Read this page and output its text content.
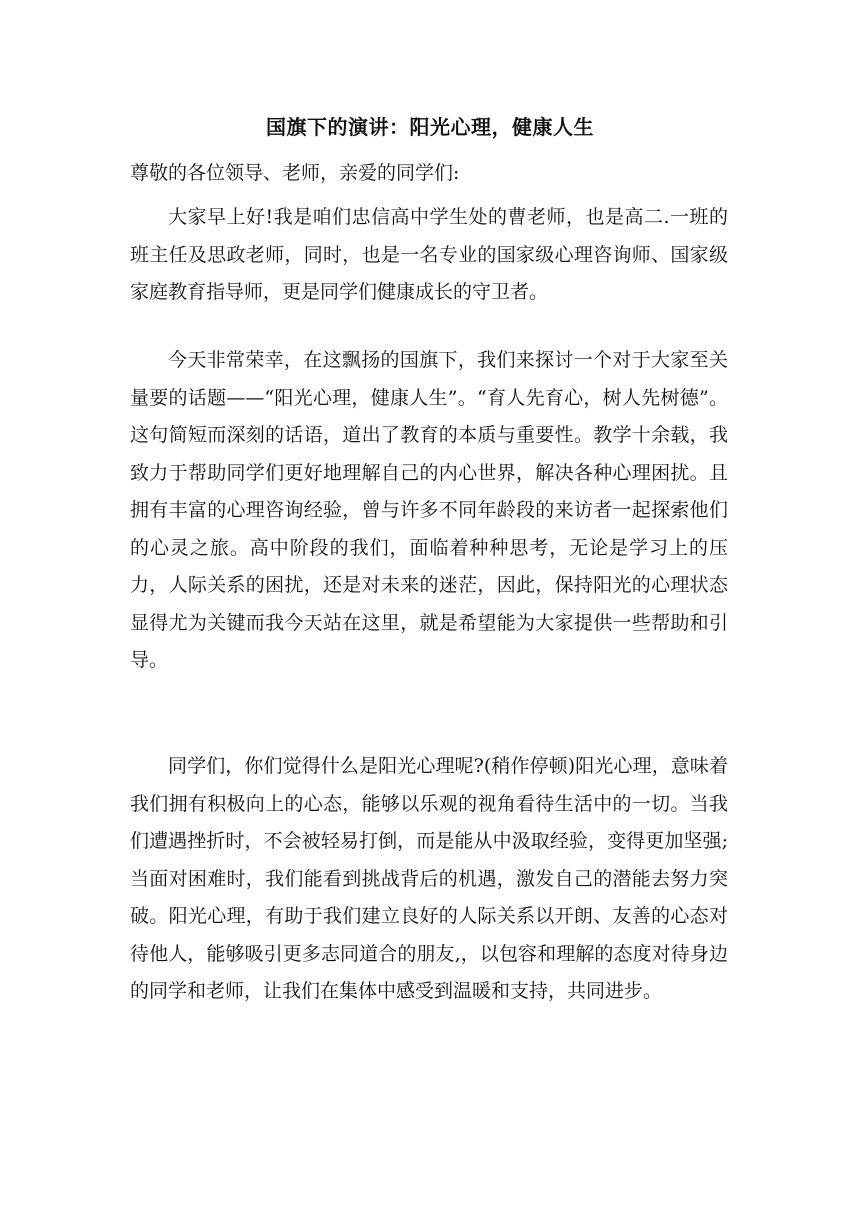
国旗下的演讲：阳光心理，健康人生
尊敬的各位领导、老师，亲爱的同学们:

大家早上好!我是咱们忠信高中学生处的曹老师，也是高二.一班的班主任及思政老师，同时，也是一名专业的国家级心理咨询师、国家级家庭教育指导师，更是同学们健康成长的守卫者。

今天非常荣幸，在这飘扬的国旗下，我们来探讨一个对于大家至关量要的话题——“阳光心理，健康人生”。“育人先育心，树人先树德”。这句简短而深刻的话语，道出了教育的本质与重要性。教学十余载，我致力于帮助同学们更好地理解自己的内心世界，解决各种心理困扰。且拥有丰富的心理咨询经验，曾与许多不同年龄段的来访者一起探索他们的心灵之旅。高中阶段的我们，面临着种种思考，无论是学习上的压力，人际关系的困扰，还是对未来的迷茫，因此，保持阳光的心理状态显得尤为关键而我今天站在这里，就是希望能为大家提供一些帮助和引导。

同学们，你们觉得什么是阳光心理呢?(稍作停顿)阳光心理，意味着我们拥有积极向上的心态，能够以乐观的视角看待生活中的一切。当我们遭遇挫折时，不会被轻易打倒，而是能从中汲取经验，变得更加坚强;当面对困难时，我们能看到挑战背后的机遇，激发自己的潜能去努力突破。阳光心理，有助于我们建立良好的人际关系以开朗、友善的心态对待他人，能够吸引更多志同道合的朋友,，以包容和理解的态度对待身边的同学和老师，让我们在集体中感受到温暖和支持，共同进步。
